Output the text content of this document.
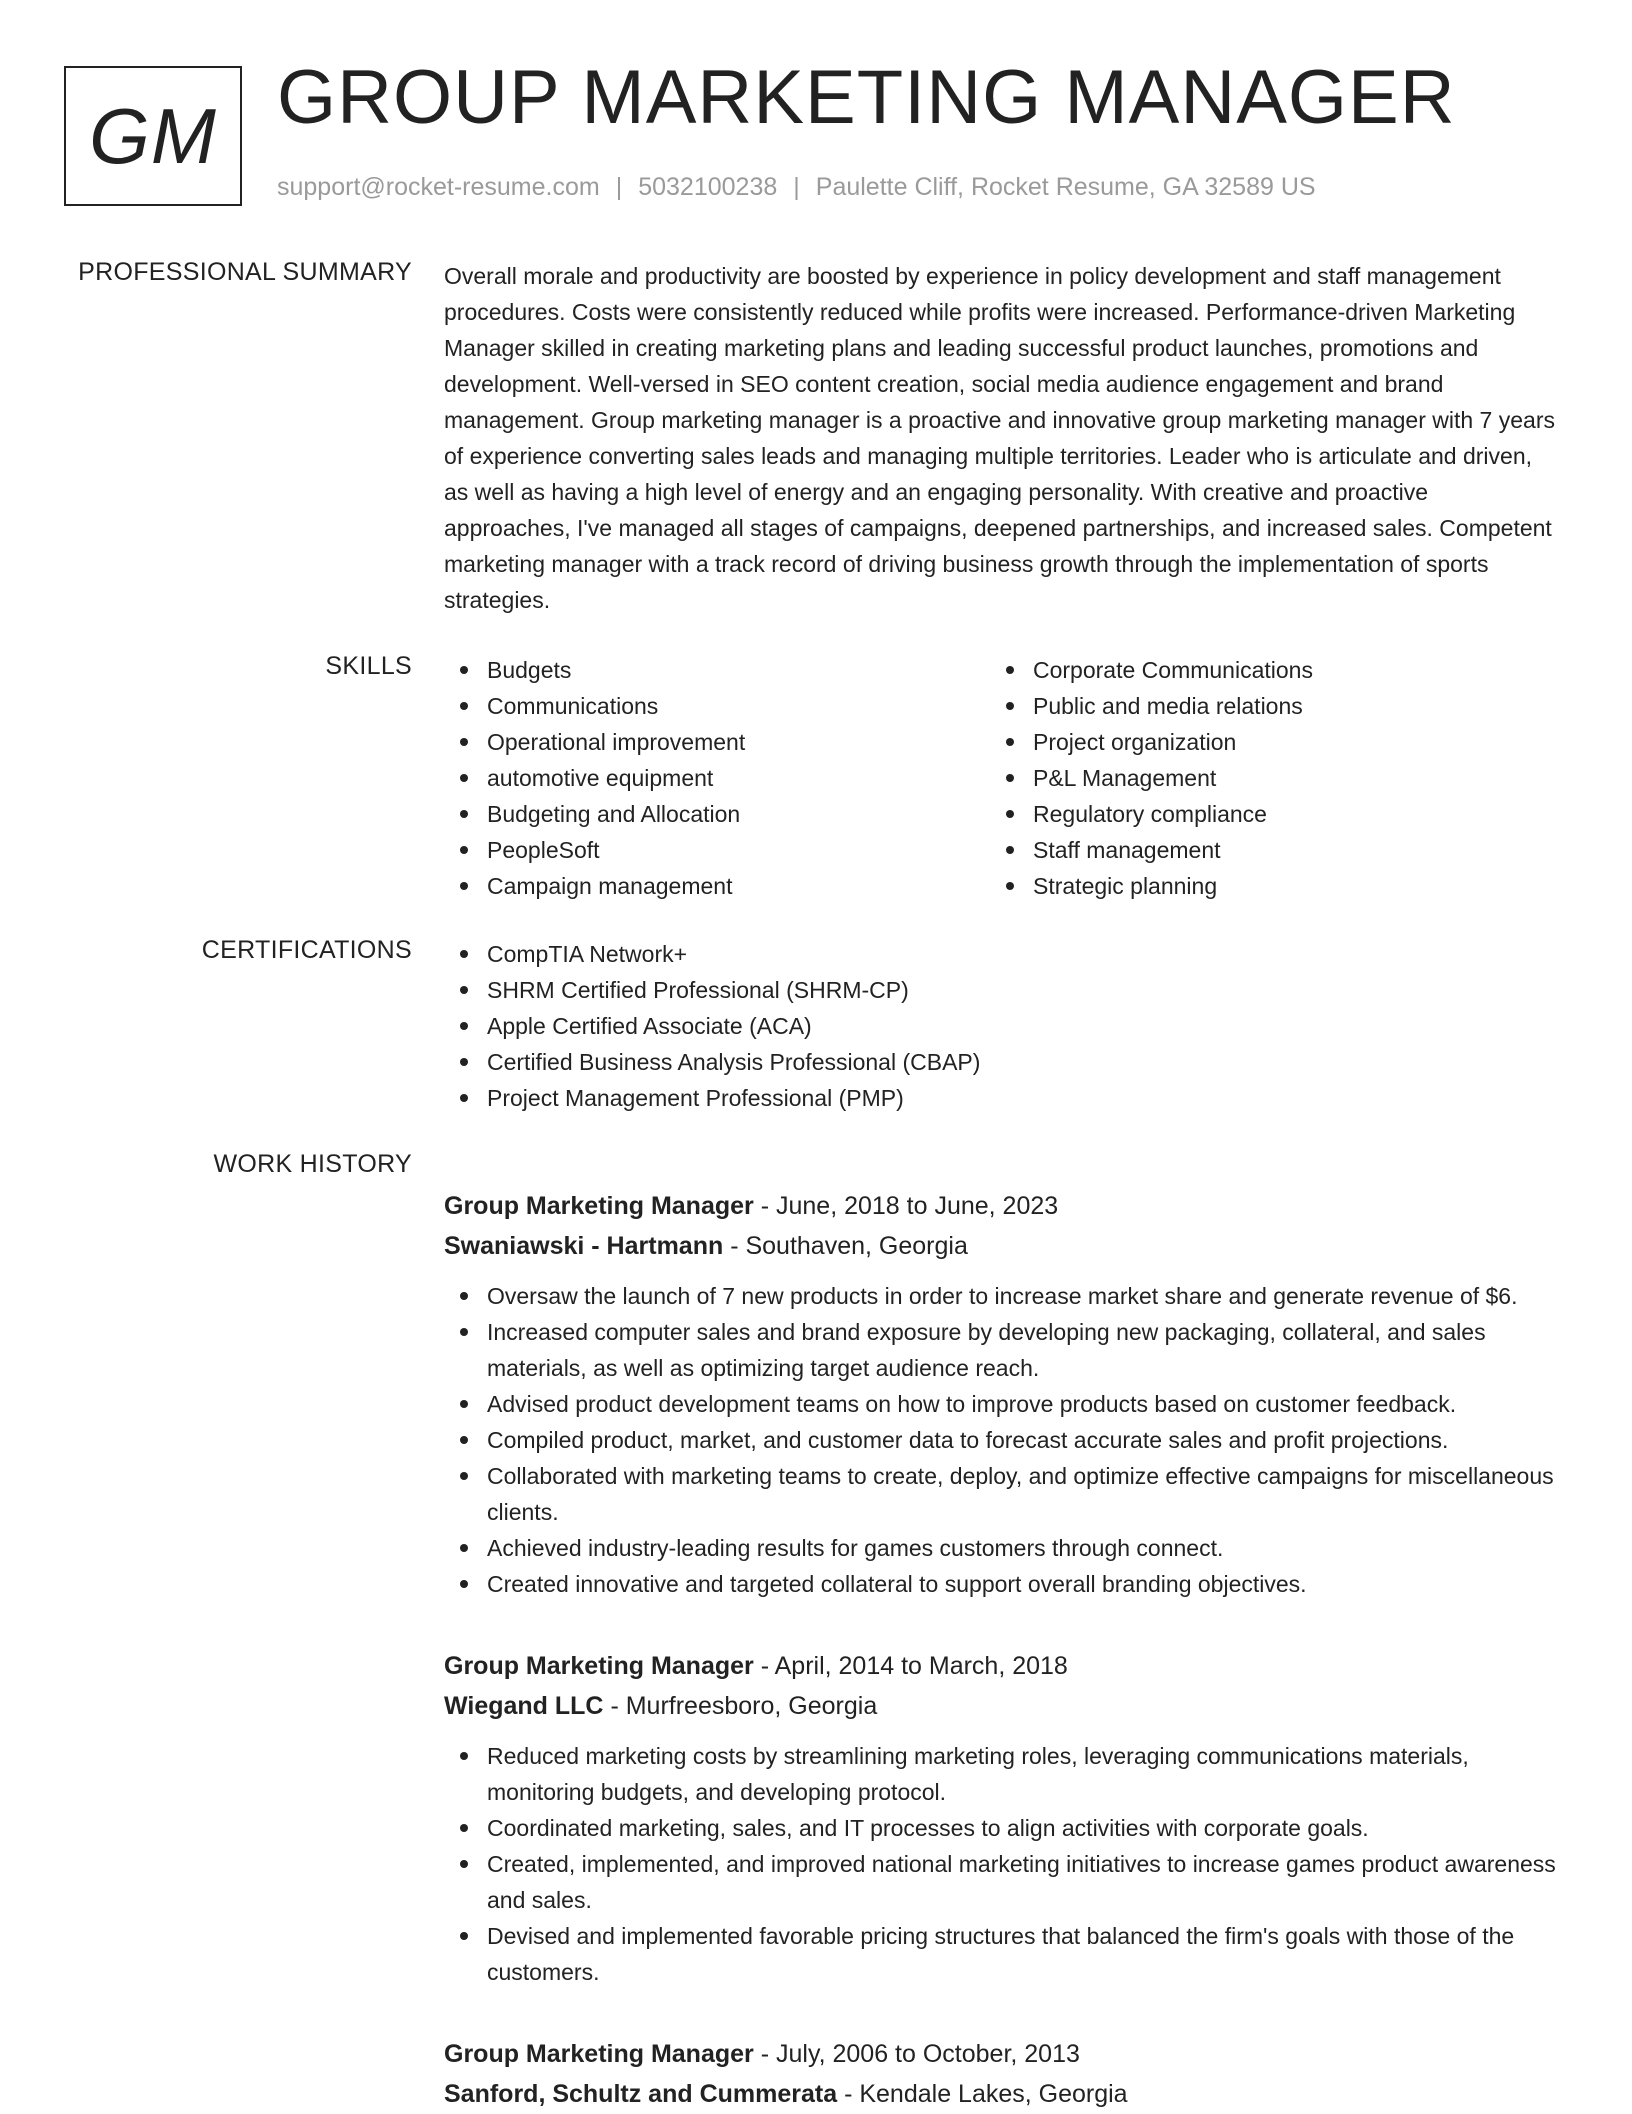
GM GROUP MARKETING MANAGER
support@rocket-resume.com | 5032100238 | Paulette Cliff, Rocket Resume, GA 32589 US
PROFESSIONAL SUMMARY Overall morale and productivity are boosted by experience in policy development and staff management procedures. Costs were consistently reduced while profits were increased. Performance-driven Marketing Manager skilled in creating marketing plans and leading successful product launches, promotions and development. Well-versed in SEO content creation, social media audience engagement and brand management. Group marketing manager is a proactive and innovative group marketing manager with 7 years of experience converting sales leads and managing multiple territories. Leader who is articulate and driven, as well as having a high level of energy and an engaging personality. With creative and proactive approaches, I've managed all stages of campaigns, deepened partnerships, and increased sales. Competent marketing manager with a track record of driving business growth through the implementation of sports strategies.

SKILLS	Budgets
Communications
Operational improvement
automotive equipment
Budgeting and Allocation
PeopleSoft
Campaign management
Corporate Communications
Public and media relations
Project organization
P&L Management
Regulatory compliance
Staff management
Strategic planning
CERTIFICATIONS	CompTIA Network+
SHRM Certified Professional (SHRM-CP)
Apple Certified Associate (ACA)
Certified Business Analysis Professional (CBAP)
Project Management Professional (PMP)
WORK HISTORY
Group Marketing Manager - June, 2018 to June, 2023
Swaniawski - Hartmann - Southaven, Georgia
Oversaw the launch of 7 new products in order to increase market share and generate revenue of $6.
Increased computer sales and brand exposure by developing new packaging, collateral, and sales materials, as well as optimizing target audience reach.
Advised product development teams on how to improve products based on customer feedback.
Compiled product, market, and customer data to forecast accurate sales and profit projections.
Collaborated with marketing teams to create, deploy, and optimize effective campaigns for miscellaneous clients.
Achieved industry-leading results for games customers through connect.
Created innovative and targeted collateral to support overall branding objectives.
Group Marketing Manager - April, 2014 to March, 2018
Wiegand LLC - Murfreesboro, Georgia
Reduced marketing costs by streamlining marketing roles, leveraging communications materials, monitoring budgets, and developing protocol.
Coordinated marketing, sales, and IT processes to align activities with corporate goals.
Created, implemented, and improved national marketing initiatives to increase games product awareness and sales.
Devised and implemented favorable pricing structures that balanced the firm's goals with those of the customers.
Group Marketing Manager - July, 2006 to October, 2013
Sanford, Schultz and Cummerata - Kendale Lakes, Georgia
